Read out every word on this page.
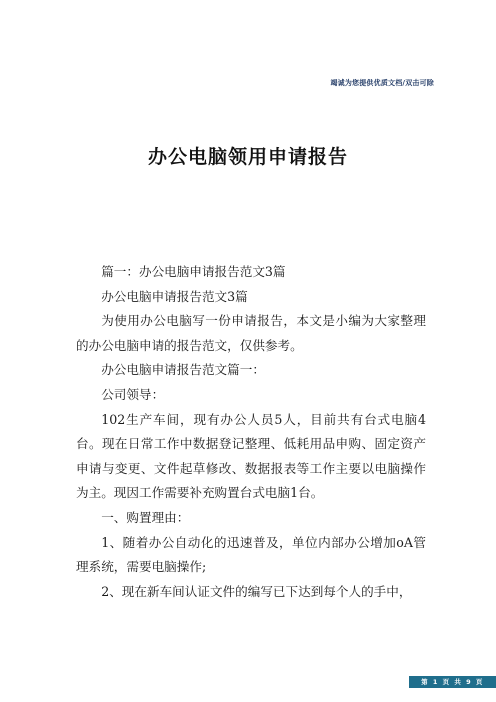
竭诚为您提供优质文档/双击可除
办公电脑领用申请报告

篇一：办公电脑申请报告范文3篇

办公电脑申请报告范文3篇

为使用办公电脑写一份申请报告，本文是小编为大家整理的办公电脑申请的报告范文，仅供参考。

办公电脑申请报告范文篇一：

公司领导：

102生产车间，现有办公人员5人，目前共有台式电脑4台。现在日常工作中数据登记整理、低耗用品申购、固定资产申请与变更、文件起草修改、数据报表等工作主要以电脑操作为主。现因工作需要补充购置台式电脑1台。

一、购置理由：

1、随着办公自动化的迅速普及，单位内部办公增加oA管理系统，需要电脑操作;

2、现在新车间认证文件的编写已下达到每个人的手中，

第 1 页 共 9 页
